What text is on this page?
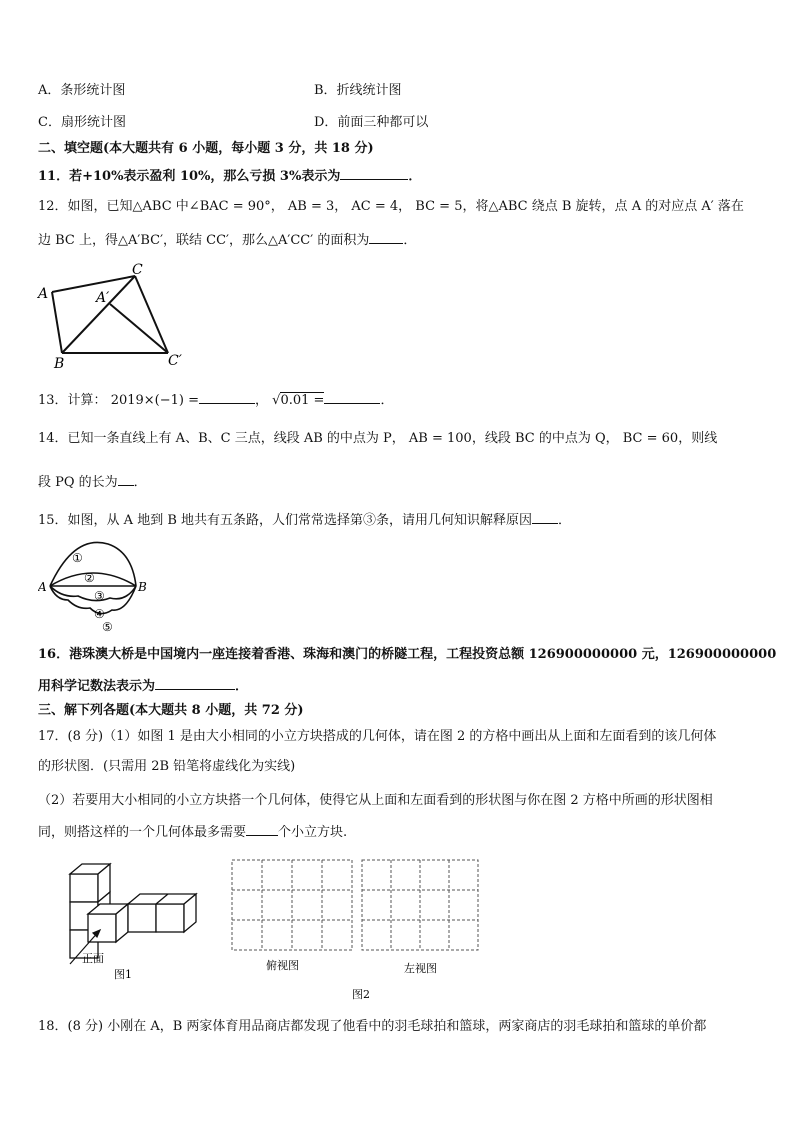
A．条形统计图	B．折线统计图
C．扇形统计图	D．前面三种都可以
二、填空题(本大题共有 6 小题，每小题 3 分，共 18 分)
11．若+10%表示盈利 10%，那么亏损 3%表示为	．
12．如图，已知△ABC 中∠BAC = 90°， AB = 3， AC = 4， BC = 5，将△ABC 绕点 B 旋转，点 A 的对应点 A′ 落在
边 BC 上，得△A′BC′，联结 CC′，那么△A′CC′ 的面积为	．
A
B
C
A′
C′
13．计算： 2019×(−1) =	， √0.01 =	．
14．已知一条直线上有 A、B、C 三点，线段 AB 的中点为 P， AB = 100，线段 BC 的中点为 Q， BC = 60，则线
段 PQ 的长为 ．
15．如图，从 A 地到 B 地共有五条路，人们常常选择第③条，请用几何知识解释原因 ．
①
②
③
④
⑤
A	B
16．港珠澳大桥是中国境内一座连接着香港、珠海和澳门的桥隧工程，工程投资总额 126900000000 元，126900000000
用科学记数法表示为	．
三、解下列各题(本大题共 8 小题，共 72 分)
17．(8 分)（1）如图 1 是由大小相同的小立方块搭成的几何体，请在图 2 的方格中画出从上面和左面看到的该几何体
的形状图．(只需用 2B 铅笔将虚线化为实线)
（2）若要用大小相同的小立方块搭一个几何体，使得它从上面和左面看到的形状图与你在图 2 方格中所画的形状图相
同，则搭这样的一个几何体最多需要 个小立方块.
正面
图1
俯视图	左视图
图2
18．(8 分) 小刚在 A，B 两家体育用品商店都发现了他看中的羽毛球拍和篮球，两家商店的羽毛球拍和篮球的单价都
